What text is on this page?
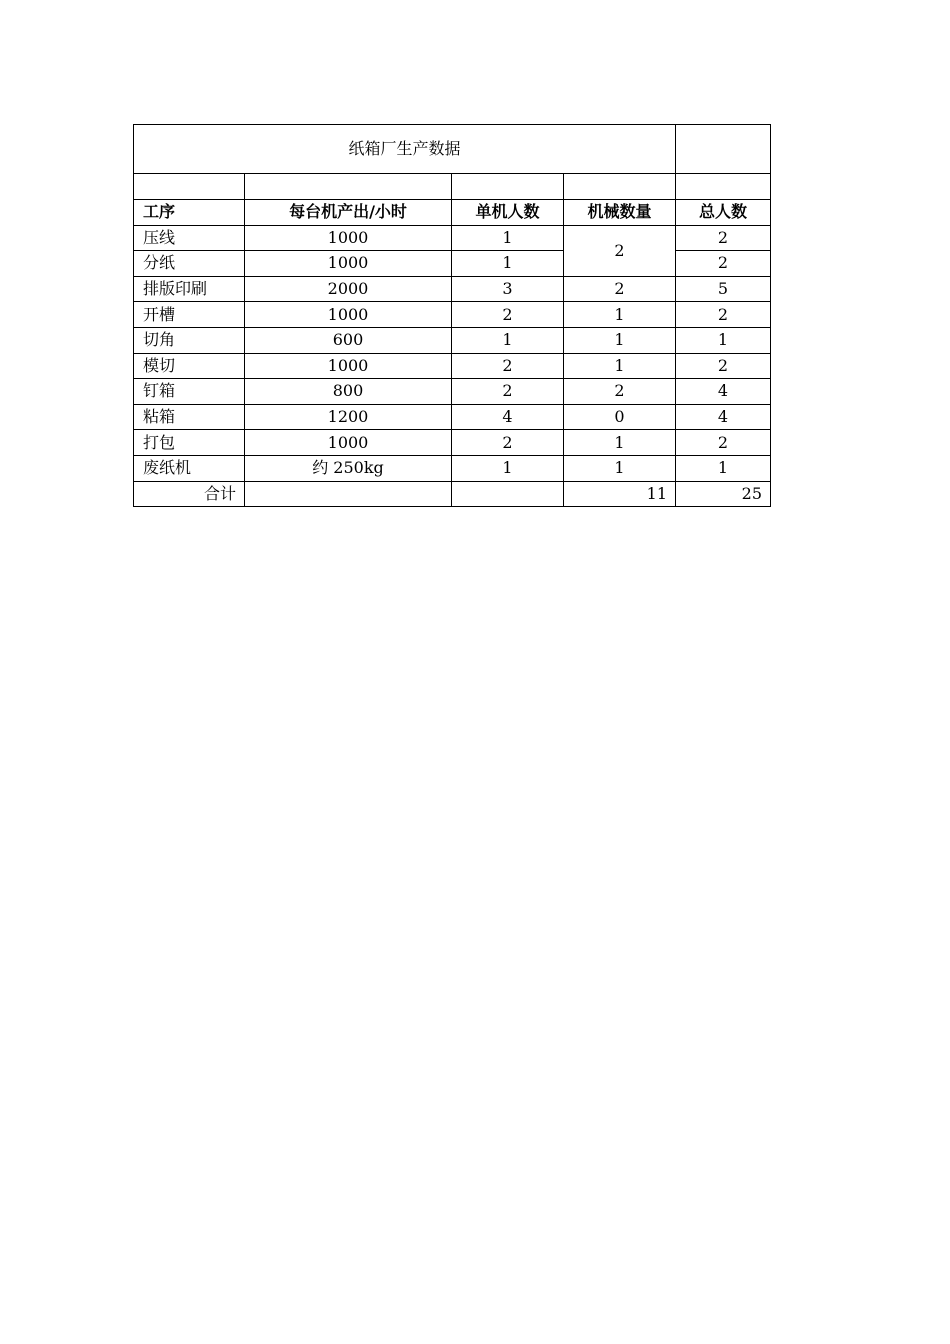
纸箱厂生产数据				

工序	每台机产出/小时	单机人数	机械数量	总人数
压线	1000	1	2	2
分纸	1000	1		2
排版印刷	2000	3	2	5
开槽	1000	2	1	2
切角	600	1	1	1
模切	1000	2	1	2
钉箱	800	2	2	4
粘箱	1200	4	0	4
打包	1000	2	1	2
废纸机	约 250kg	1	1	1
合计			11	25
